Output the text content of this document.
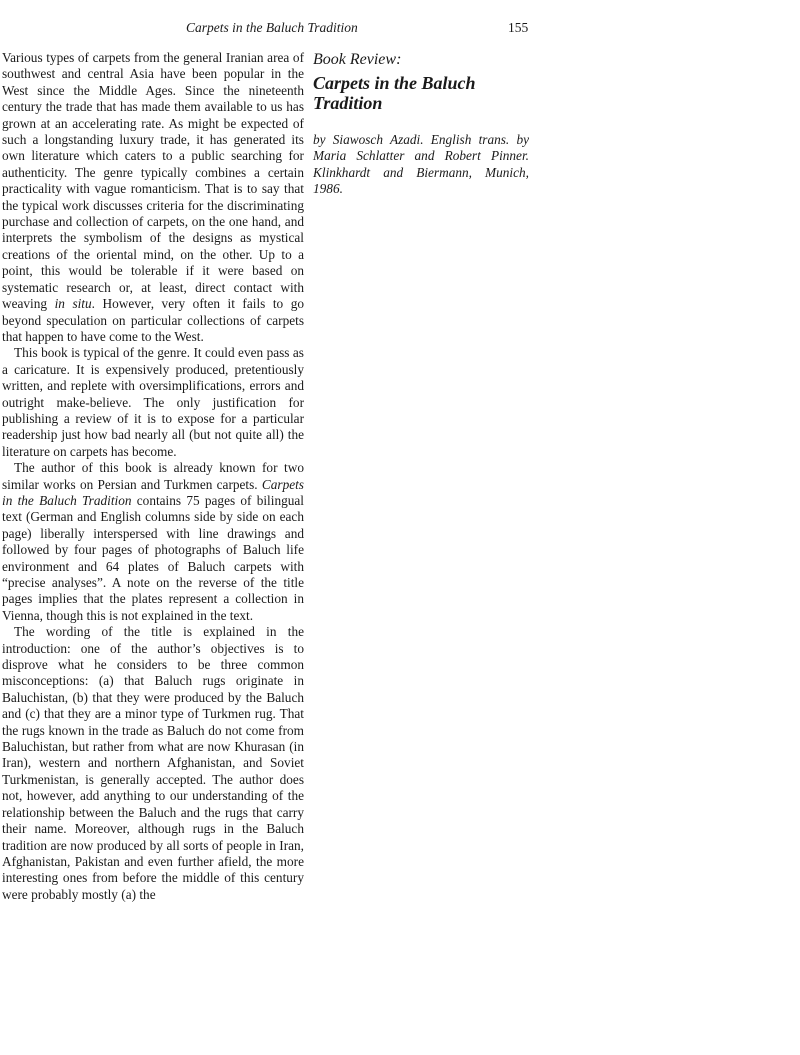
Carpets in the Baluch Tradition	155

Various types of carpets from the general Iranian area of southwest and central Asia have been popular in the West since the Middle Ages. Since the nineteenth century the trade that has made them available to us has grown at an accelerating rate. As might be expected of such a longstanding luxury trade, it has generated its own literature which caters to a public searching for authenticity. The genre typically combines a certain practicality with vague romanticism. That is to say that the typical work discusses criteria for the discriminating purchase and collection of carpets, on the one hand, and interprets the symbolism of the designs as mystical creations of the oriental mind, on the other. Up to a point, this would be tolerable if it were based on systematic research or, at least, direct contact with weaving in situ. However, very often it fails to go beyond speculation on particular collections of carpets that happen to have come to the West.

This book is typical of the genre. It could even pass as a caricature. It is expensively produced, pretentiously written, and replete with oversimplifications, errors and outright make-believe. The only justification for publishing a review of it is to expose for a particular readership just how bad nearly all (but not quite all) the literature on carpets has become.

The author of this book is already known for two similar works on Persian and Turkmen carpets. Carpets in the Baluch Tradition contains 75 pages of bilingual text (German and English columns side by side on each page) liberally interspersed with line drawings and followed by four pages of photographs of Baluch life environment and 64 plates of Baluch carpets with “precise analyses”. A note on the reverse of the title pages implies that the plates represent a collection in Vienna, though this is not explained in the text.

The wording of the title is explained in the introduction: one of the author’s objectives is to disprove what he considers to be three common misconceptions: (a) that Baluch rugs originate in Baluchistan, (b) that they were produced by the Baluch and (c) that they are a minor type of Turkmen rug. That the rugs known in the trade as Baluch do not come from Baluchistan, but rather from what are now Khurasan (in Iran), western and northern Afghanistan, and Soviet Turkmenistan, is generally accepted. The author does not, however, add anything to our understanding of the relationship between the Baluch and the rugs that carry their name. Moreover, although rugs in the Baluch tradition are now produced by all sorts of people in Iran, Afghanistan, Pakistan and even further afield, the more interesting ones from before the middle of this century were probably mostly (a) the

Book Review:

Carpets in the Baluch Tradition

by Siawosch Azadi. English trans. by Maria Schlatter and Robert Pinner. Klinkhardt and Biermann, Munich, 1986.
